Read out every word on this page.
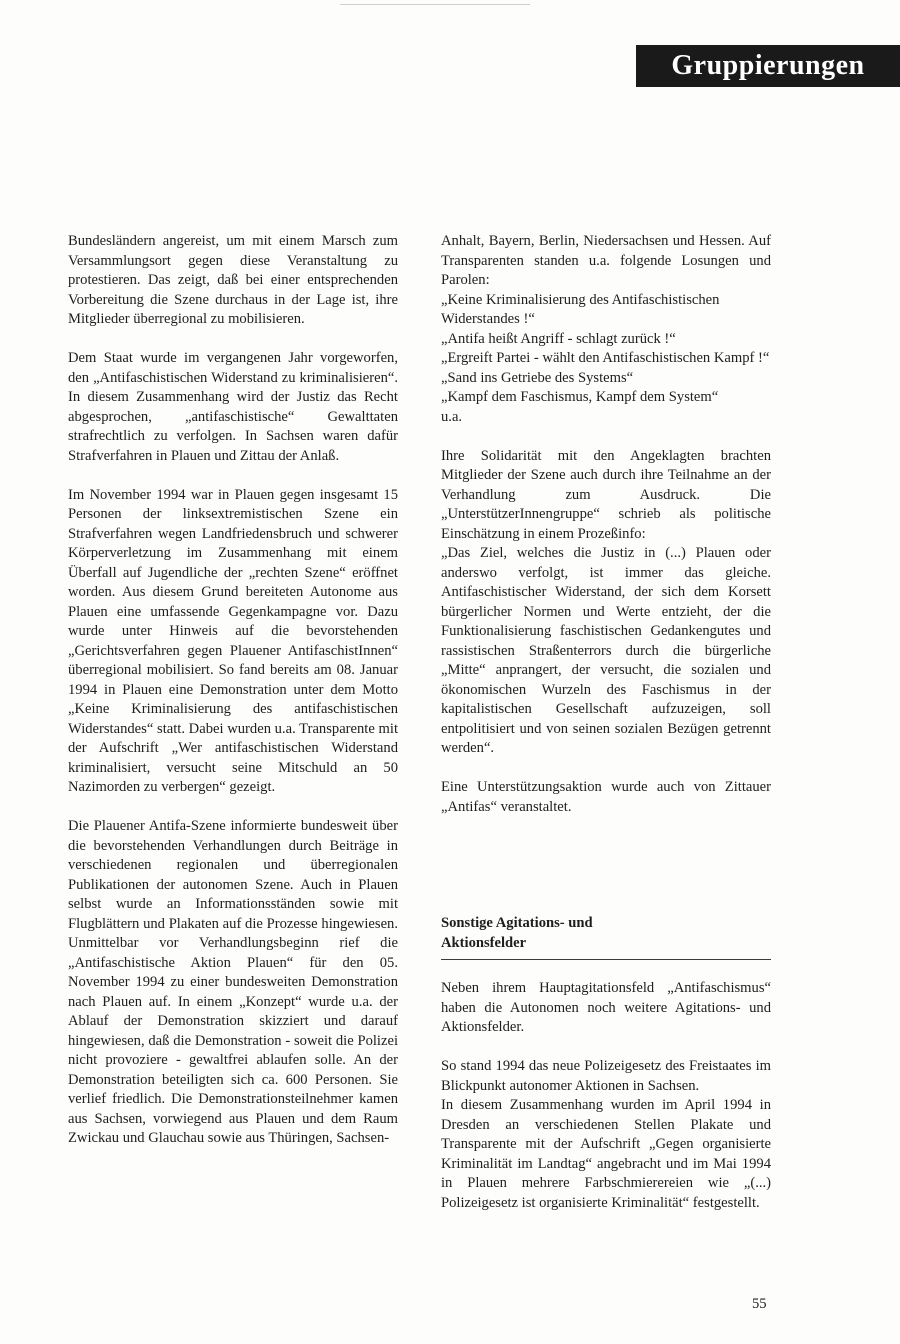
Gruppierungen

Bundesländern angereist, um mit einem Marsch zum Versammlungsort gegen diese Veranstaltung zu protestieren. Das zeigt, daß bei einer entsprechenden Vorbereitung die Szene durchaus in der Lage ist, ihre Mitglieder überregional zu mobilisieren.

Dem Staat wurde im vergangenen Jahr vorgeworfen, den „Antifaschistischen Widerstand zu kriminalisieren“. In diesem Zusammenhang wird der Justiz das Recht abgesprochen, „antifaschistische“ Gewalttaten strafrechtlich zu verfolgen. In Sachsen waren dafür Strafverfahren in Plauen und Zittau der Anlaß.

Im November 1994 war in Plauen gegen insgesamt 15 Personen der linksextremistischen Szene ein Strafverfahren wegen Landfriedensbruch und schwerer Körperverletzung im Zusammenhang mit einem Überfall auf Jugendliche der „rechten Szene“ eröffnet worden. Aus diesem Grund bereiteten Autonome aus Plauen eine umfassende Gegenkampagne vor. Dazu wurde unter Hinweis auf die bevorstehenden „Gerichtsverfahren gegen Plauener AntifaschistInnen“ überregional mobilisiert. So fand bereits am 08. Januar 1994 in Plauen eine Demonstration unter dem Motto „Keine Kriminalisierung des antifaschistischen Widerstandes“ statt. Dabei wurden u.a. Transparente mit der Aufschrift „Wer antifaschistischen Widerstand kriminalisiert, versucht seine Mitschuld an 50 Nazimorden zu verbergen“ gezeigt.

Die Plauener Antifa-Szene informierte bundesweit über die bevorstehenden Verhandlungen durch Beiträge in verschiedenen regionalen und überregionalen Publikationen der autonomen Szene. Auch in Plauen selbst wurde an Informationsständen sowie mit Flugblättern und Plakaten auf die Prozesse hingewiesen. Unmittelbar vor Verhandlungsbeginn rief die „Antifaschistische Aktion Plauen“ für den 05. November 1994 zu einer bundesweiten Demonstration nach Plauen auf. In einem „Konzept“ wurde u.a. der Ablauf der Demonstration skizziert und darauf hingewiesen, daß die Demonstration - soweit die Polizei nicht provoziere - gewaltfrei ablaufen solle. An der Demonstration beteiligten sich ca. 600 Personen. Sie verlief friedlich. Die Demonstrationsteilnehmer kamen aus Sachsen, vorwiegend aus Plauen und dem Raum Zwickau und Glauchau sowie aus Thüringen, Sachsen-

Anhalt, Bayern, Berlin, Niedersachsen und Hessen. Auf Transparenten standen u.a. folgende Losungen und Parolen:
„Keine Kriminalisierung des Antifaschistischen Widerstandes !“
„Antifa heißt Angriff - schlagt zurück !“
„Ergreift Partei - wählt den Antifaschistischen Kampf !“
„Sand ins Getriebe des Systems“
„Kampf dem Faschismus, Kampf dem System“
u.a.
Ihre Solidarität mit den Angeklagten brachten Mitglieder der Szene auch durch ihre Teilnahme an der Verhandlung zum Ausdruck. Die „UnterstützerInnengruppe“ schrieb als politische Einschätzung in einem Prozeßinfo:
„Das Ziel, welches die Justiz in (...) Plauen oder anderswo verfolgt, ist immer das gleiche. Antifaschistischer Widerstand, der sich dem Korsett bürgerlicher Normen und Werte entzieht, der die Funktionalisierung faschistischen Gedankengutes und rassistischen Straßenterrors durch die bürgerliche „Mitte“ anprangert, der versucht, die sozialen und ökonomischen Wurzeln des Faschismus in der kapitalistischen Gesellschaft aufzuzeigen, soll entpolitisiert und von seinen sozialen Bezügen getrennt werden“.

Eine Unterstützungsaktion wurde auch von Zittauer „Antifas“ veranstaltet.

Sonstige Agitations- und
Aktionsfelder

Neben ihrem Hauptagitationsfeld „Antifaschismus“ haben die Autonomen noch weitere Agitations- und Aktionsfelder.

So stand 1994 das neue Polizeigesetz des Freistaates im Blickpunkt autonomer Aktionen in Sachsen.
In diesem Zusammenhang wurden im April 1994 in Dresden an verschiedenen Stellen Plakate und Transparente mit der Aufschrift „Gegen organisierte Kriminalität im Landtag“ angebracht und im Mai 1994 in Plauen mehrere Farbschmierereien wie „(...) Polizeigesetz ist organisierte Kriminalität“ festgestellt.
55
